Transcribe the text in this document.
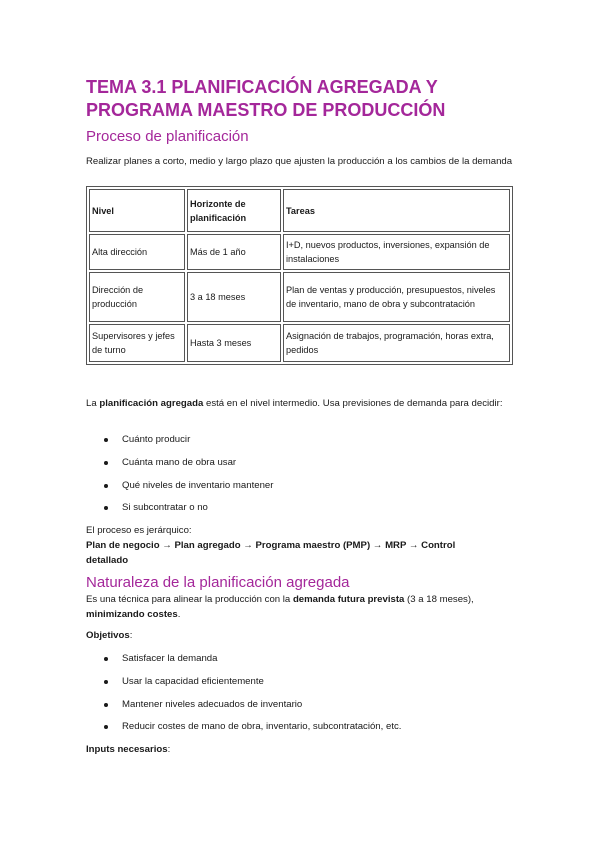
TEMA 3.1 PLANIFICACIÓN AGREGADA Y PROGRAMA MAESTRO DE PRODUCCIÓN
Proceso de planificación

Realizar planes a corto, medio y largo plazo que ajusten la producción a los cambios de la demanda

Nivel	Horizonte de planificación	Tareas
Alta dirección	Más de 1 año	I+D, nuevos productos, inversiones, expansión de instalaciones
Dirección de producción	3 a 18 meses	Plan de ventas y producción, presupuestos, niveles de inventario, mano de obra y subcontratación
Supervisores y jefes de turno	Hasta 3 meses	Asignación de trabajos, programación, horas extra, pedidos

La planificación agregada está en el nivel intermedio. Usa previsiones de demanda para decidir:

Cuánto producir
Cuánta mano de obra usar
Qué niveles de inventario mantener
Si subcontratar o no

El proceso es jerárquico:

Plan de negocio → Plan agregado → Programa maestro (PMP) → MRP → Control detallado

Naturaleza de la planificación agregada

Es una técnica para alinear la producción con la demanda futura prevista (3 a 18 meses), minimizando costes.

Objetivos:

Satisfacer la demanda
Usar la capacidad eficientemente
Mantener niveles adecuados de inventario
Reducir costes de mano de obra, inventario, subcontratación, etc.

Inputs necesarios:
